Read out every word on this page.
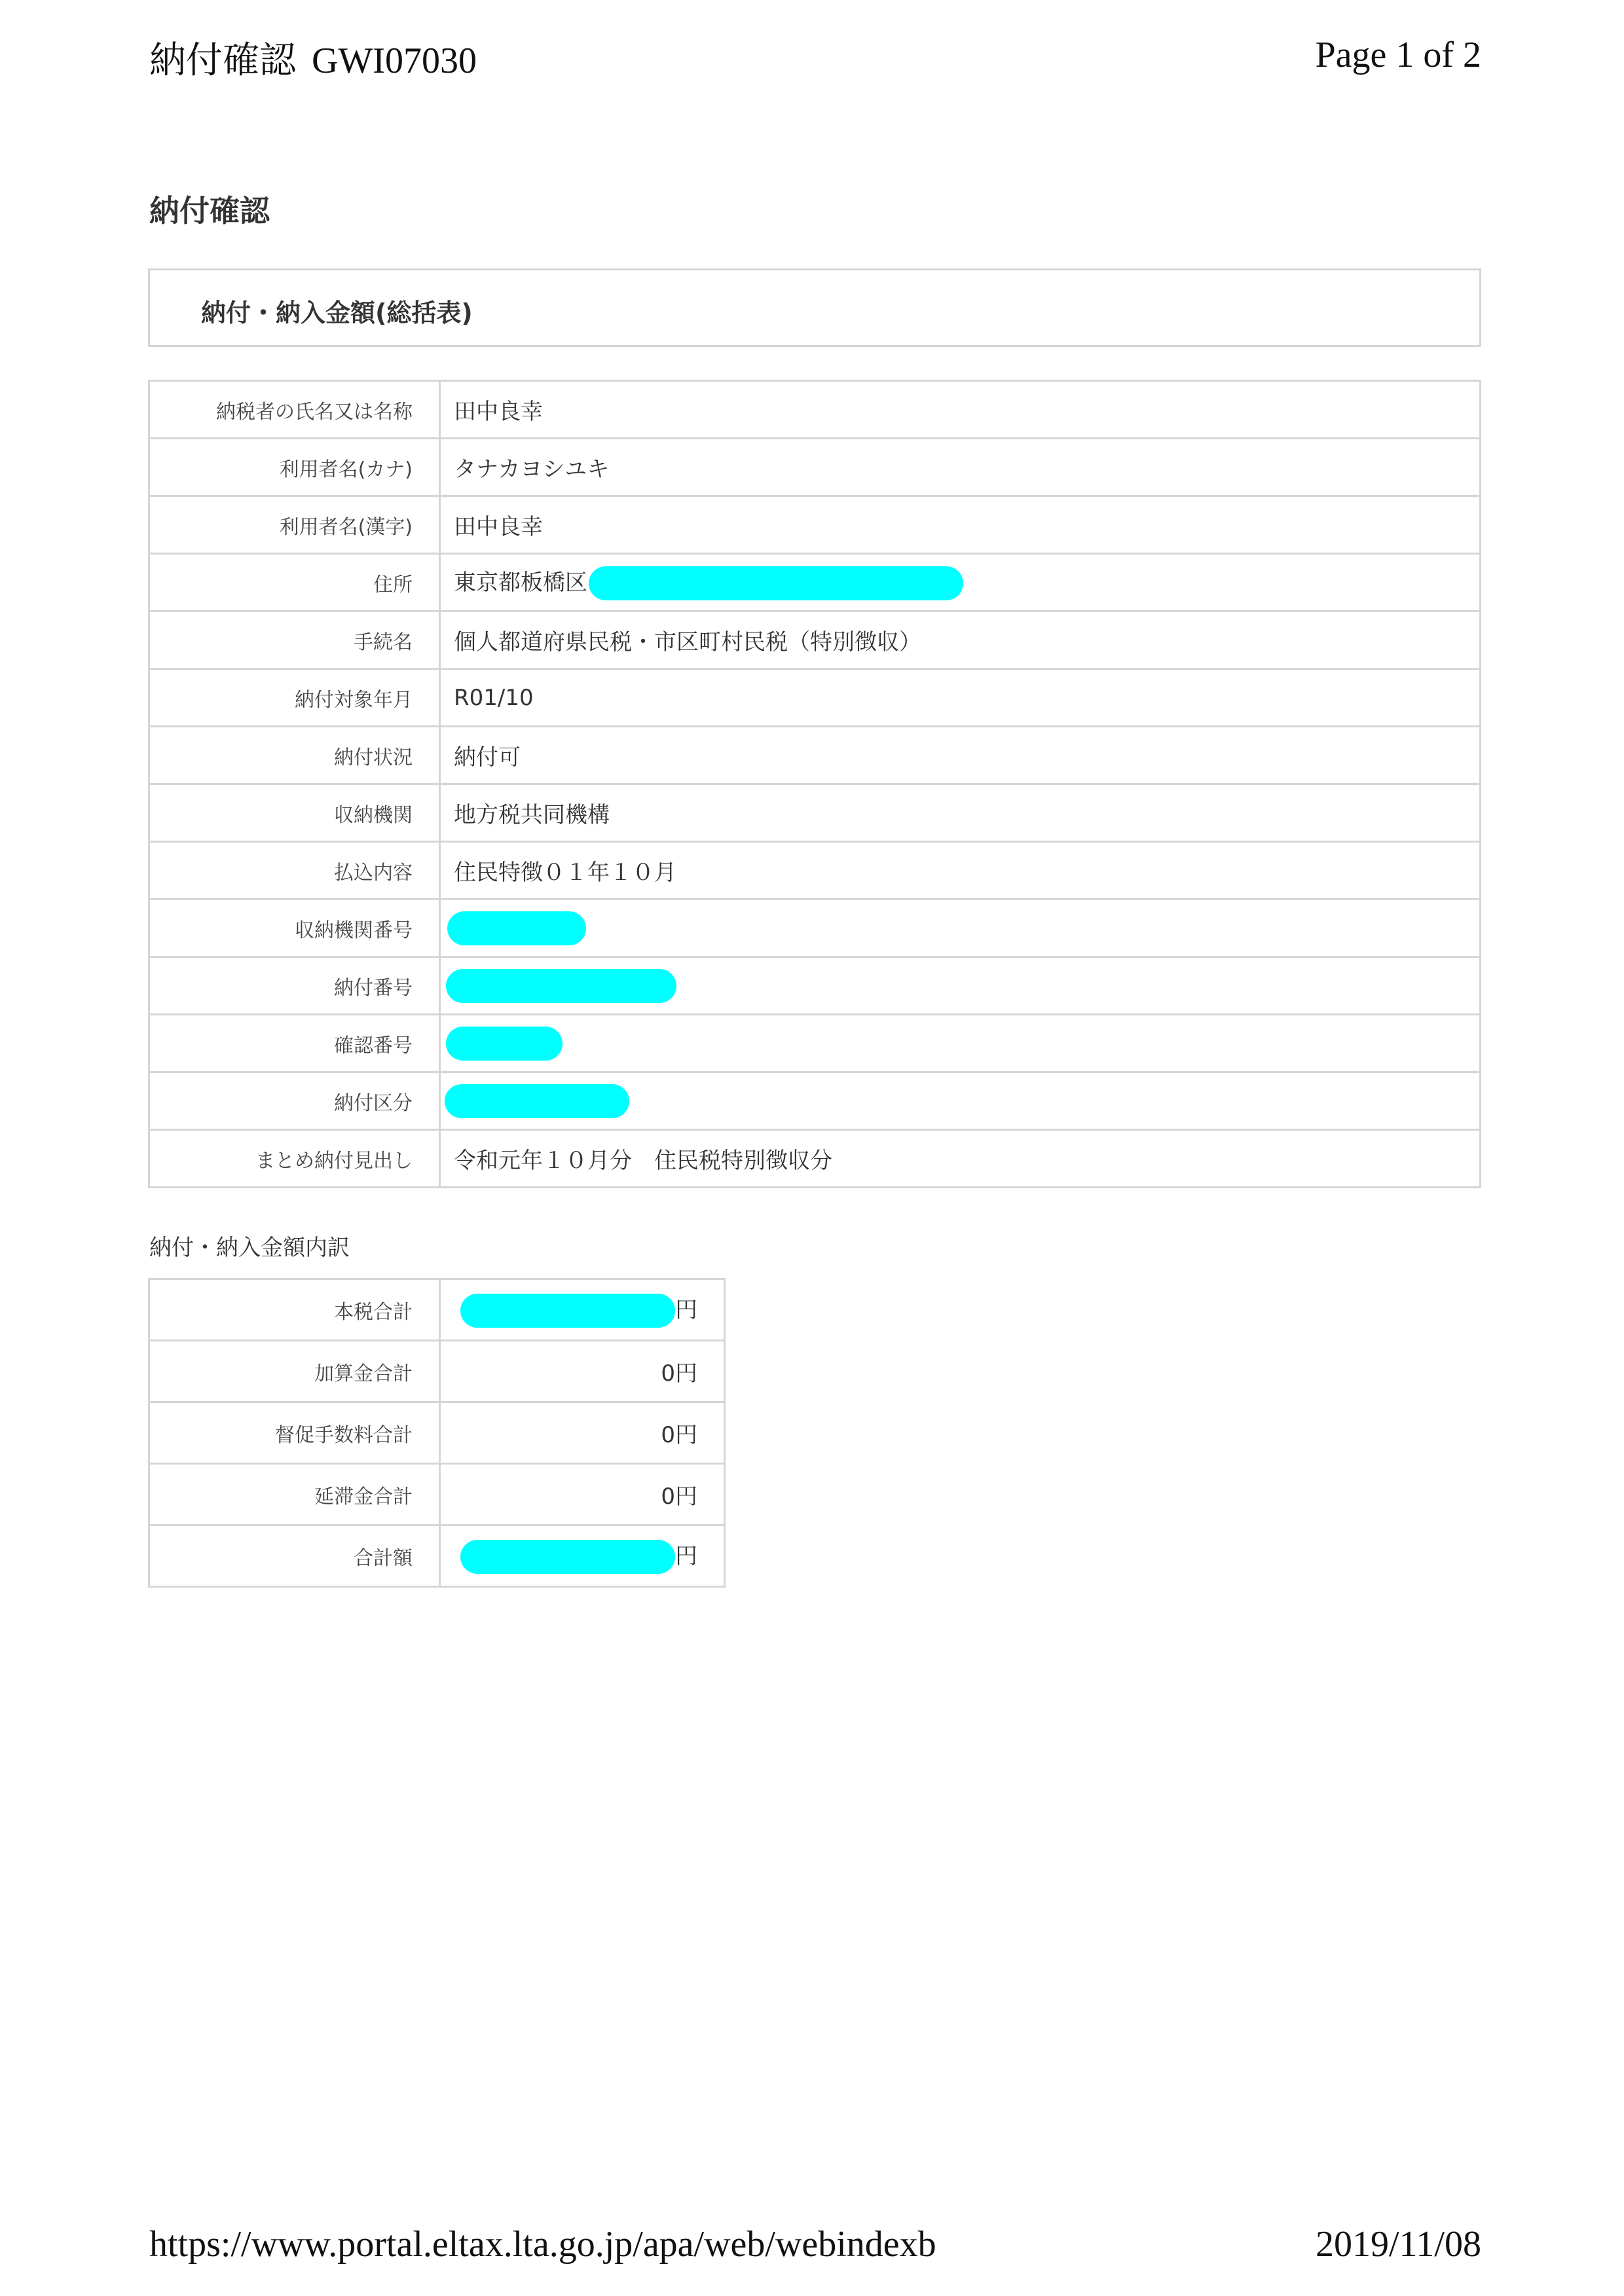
納付確認 GWI07030	Page 1 of 2
納付確認
納付・納入金額(総括表)
納税者の氏名又は名称	田中良幸
利用者名(カナ)	タナカヨシユキ
利用者名(漢字)	田中良幸
住所	東京都板橋区
手続名	個人都道府県民税・市区町村民税（特別徴収）
納付対象年月	R01/10
納付状況	納付可
収納機関	地方税共同機構
払込内容	住民特徴０１年１０月
収納機関番号	
納付番号	
確認番号	
納付区分	
まとめ納付見出し	令和元年１０月分　住民税特別徴収分
納付・納入金額内訳
本税合計	円
加算金合計	0円
督促手数料合計	0円
延滞金合計	0円
合計額	円
https://www.portal.eltax.lta.go.jp/apa/web/webindexb	2019/11/08
